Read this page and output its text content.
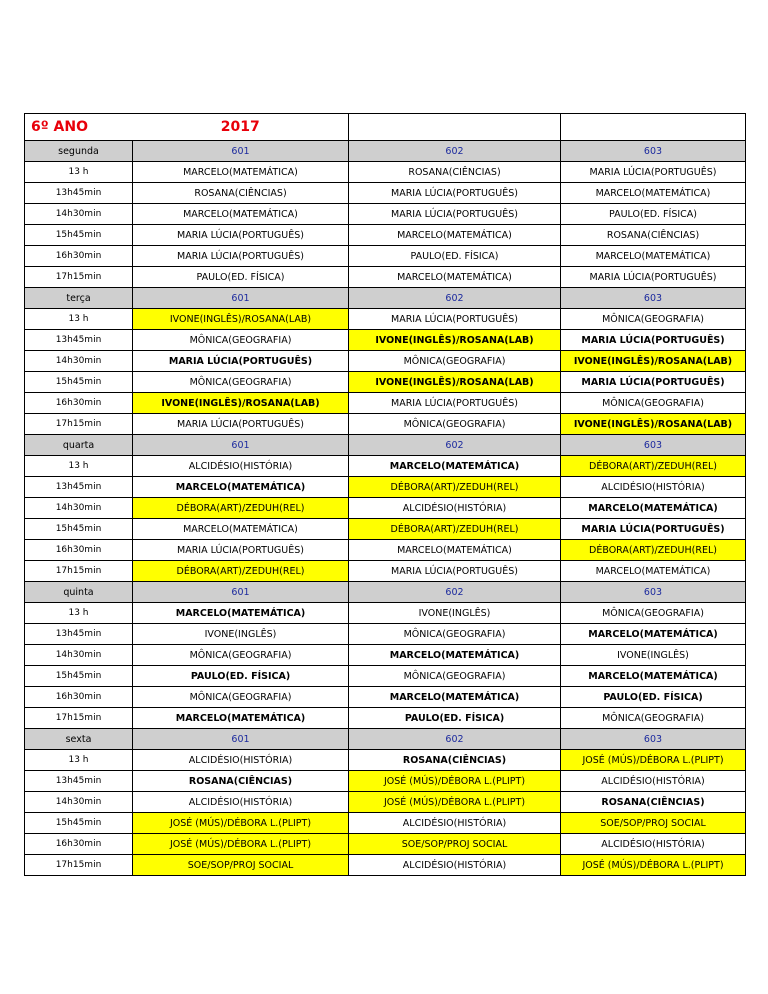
6º ANO	2017		
segunda	601	602	603
13 h	MARCELO(MATEMÁTICA)	ROSANA(CIÊNCIAS)	MARIA LÚCIA(PORTUGUÊS)
13h45min	ROSANA(CIÊNCIAS)	MARIA LÚCIA(PORTUGUÊS)	MARCELO(MATEMÁTICA)
14h30min	MARCELO(MATEMÁTICA)	MARIA LÚCIA(PORTUGUÊS)	PAULO(ED. FÍSICA)
15h45min	MARIA LÚCIA(PORTUGUÊS)	MARCELO(MATEMÁTICA)	ROSANA(CIÊNCIAS)
16h30min	MARIA LÚCIA(PORTUGUÊS)	PAULO(ED. FÍSICA)	MARCELO(MATEMÁTICA)
17h15min	PAULO(ED. FÍSICA)	MARCELO(MATEMÁTICA)	MARIA LÚCIA(PORTUGUÊS)
terça	601	602	603
13 h	IVONE(INGLÊS)/ROSANA(LAB)	MARIA LÚCIA(PORTUGUÊS)	MÔNICA(GEOGRAFIA)
13h45min	MÔNICA(GEOGRAFIA)	IVONE(INGLÊS)/ROSANA(LAB)	MARIA LÚCIA(PORTUGUÊS)
14h30min	MARIA LÚCIA(PORTUGUÊS)	MÔNICA(GEOGRAFIA)	IVONE(INGLÊS)/ROSANA(LAB)
15h45min	MÔNICA(GEOGRAFIA)	IVONE(INGLÊS)/ROSANA(LAB)	MARIA LÚCIA(PORTUGUÊS)
16h30min	IVONE(INGLÊS)/ROSANA(LAB)	MARIA LÚCIA(PORTUGUÊS)	MÔNICA(GEOGRAFIA)
17h15min	MARIA LÚCIA(PORTUGUÊS)	MÔNICA(GEOGRAFIA)	IVONE(INGLÊS)/ROSANA(LAB)
quarta	601	602	603
13 h	ALCIDÉSIO(HISTÓRIA)	MARCELO(MATEMÁTICA)	DÉBORA(ART)/ZEDUH(REL)
13h45min	MARCELO(MATEMÁTICA)	DÉBORA(ART)/ZEDUH(REL)	ALCIDÉSIO(HISTÓRIA)
14h30min	DÉBORA(ART)/ZEDUH(REL)	ALCIDÉSIO(HISTÓRIA)	MARCELO(MATEMÁTICA)
15h45min	MARCELO(MATEMÁTICA)	DÉBORA(ART)/ZEDUH(REL)	MARIA LÚCIA(PORTUGUÊS)
16h30min	MARIA LÚCIA(PORTUGUÊS)	MARCELO(MATEMÁTICA)	DÉBORA(ART)/ZEDUH(REL)
17h15min	DÉBORA(ART)/ZEDUH(REL)	MARIA LÚCIA(PORTUGUÊS)	MARCELO(MATEMÁTICA)
quinta	601	602	603
13 h	MARCELO(MATEMÁTICA)	IVONE(INGLÊS)	MÔNICA(GEOGRAFIA)
13h45min	IVONE(INGLÊS)	MÔNICA(GEOGRAFIA)	MARCELO(MATEMÁTICA)
14h30min	MÔNICA(GEOGRAFIA)	MARCELO(MATEMÁTICA)	IVONE(INGLÊS)
15h45min	PAULO(ED. FÍSICA)	MÔNICA(GEOGRAFIA)	MARCELO(MATEMÁTICA)
16h30min	MÔNICA(GEOGRAFIA)	MARCELO(MATEMÁTICA)	PAULO(ED. FÍSICA)
17h15min	MARCELO(MATEMÁTICA)	PAULO(ED. FÍSICA)	MÔNICA(GEOGRAFIA)
sexta	601	602	603
13 h	ALCIDÉSIO(HISTÓRIA)	ROSANA(CIÊNCIAS)	JOSÉ (MÚS)/DÉBORA L.(PLIPT)
13h45min	ROSANA(CIÊNCIAS)	JOSÉ (MÚS)/DÉBORA L.(PLIPT)	ALCIDÉSIO(HISTÓRIA)
14h30min	ALCIDÉSIO(HISTÓRIA)	JOSÉ (MÚS)/DÉBORA L.(PLIPT)	ROSANA(CIÊNCIAS)
15h45min	JOSÉ (MÚS)/DÉBORA L.(PLIPT)	ALCIDÉSIO(HISTÓRIA)	SOE/SOP/PROJ SOCIAL
16h30min	JOSÉ (MÚS)/DÉBORA L.(PLIPT)	SOE/SOP/PROJ SOCIAL	ALCIDÉSIO(HISTÓRIA)
17h15min	SOE/SOP/PROJ SOCIAL	ALCIDÉSIO(HISTÓRIA)	JOSÉ (MÚS)/DÉBORA L.(PLIPT)
